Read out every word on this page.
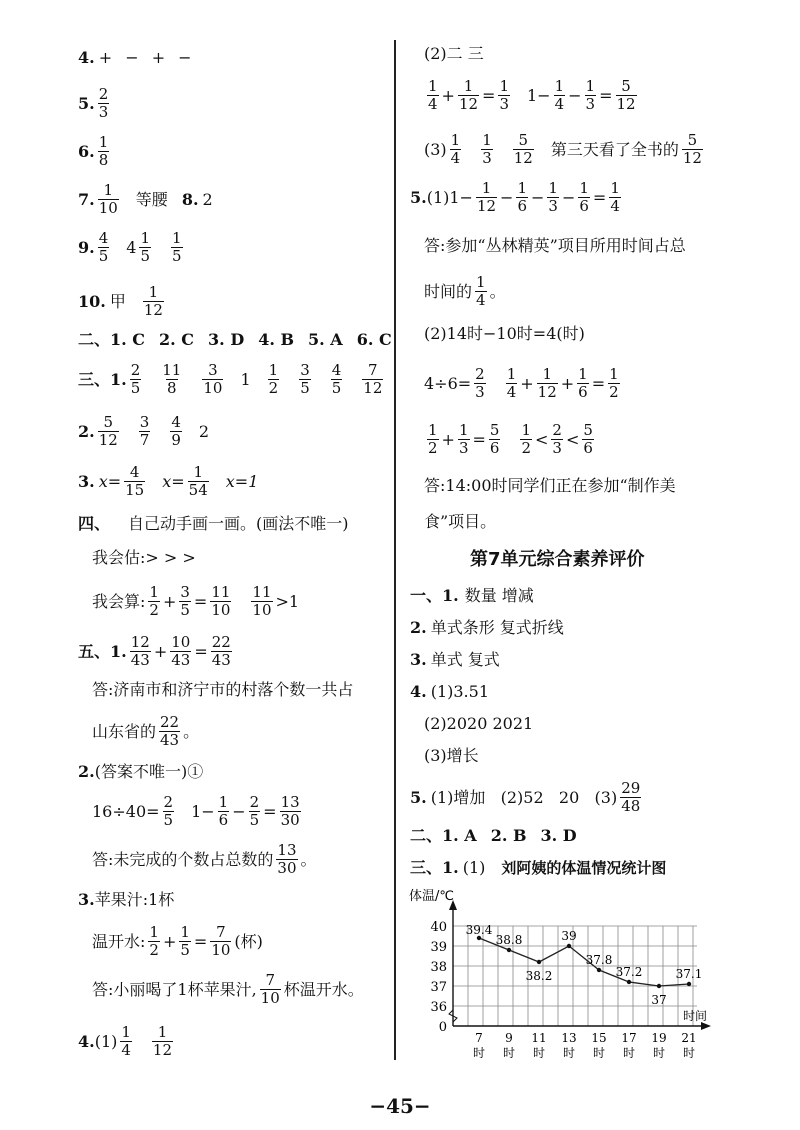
4. + − + −
5. $\frac{2}{3}$
6. $\frac{1}{8}$
7. $\frac{1}{10}$ 等腰 8. 2
9. $\frac{4}{5} 4 \frac{1}{5} \frac{1}{5}$
10. 甲 $\frac{1}{12}$
二、 1. C 2. C 3. D 4. B 5. A 6. C
三、1. $\frac{2}{5} \frac{11}{8} \frac{3}{10} 1 \frac{1}{2} \frac{3}{5} \frac{4}{5} \frac{7}{12}$
2. $\frac{5}{12} \frac{3}{7} \frac{4}{9} 2$
3. $x= \frac{4}{15} x= \frac{1}{54} x=1$
四、 自己动手画一画。(画法不唯一)
我会估:> > >
我会算: $\frac{1}{2} + \frac{3}{5} = \frac{11}{10} \frac{11}{10} >1$
五、1. $\frac{12}{43} + \frac{10}{43} = \frac{22}{43}$
答:济南市和济宁市的村落个数一共占
山东省的 $\frac{22}{43}$ 。
2. (答案不唯一)①
$16\div 40= \frac{2}{5} 1- \frac{1}{6} - \frac{2}{5} = \frac{13}{30}$
答:未完成的个数占总数的 $\frac{13}{30}$ 。
3. 苹果汁:1杯
温开水: $\frac{1}{2} + \frac{1}{5} = \frac{7}{10}$ (杯)
答:小丽喝了1杯苹果汁, $\frac{7}{10}$ 杯温开水。
4. $(1) \frac{1}{4} \frac{1}{12}$
(2)二 三
$\frac{1}{4} + \frac{1}{12} = \frac{1}{3} 1- \frac{1}{4} - \frac{1}{3} = \frac{5}{12}$
$(3) \frac{1}{4} \frac{1}{3} \frac{5}{12}$ 第三天看了全书的 $\frac{5}{12}$
5. $(1)1- \frac{1}{12} - \frac{1}{6} - \frac{1}{3} - \frac{1}{6} = \frac{1}{4}$
答:参加“丛林精英”项目所用时间占总
时间的 $\frac{1}{4}$ 。
(2)14时−10时=4(时)
$4\div 6= \frac{2}{3} \frac{1}{4} + \frac{1}{12} + \frac{1}{6} = \frac{1}{2}$
$\frac{1}{2} + \frac{1}{3} = \frac{5}{6} \frac{1}{2} < \frac{2}{3} < \frac{5}{6}$
答:14:00时同学们正在参加“制作美
食”项目。
第7单元综合素养评价
一、1. 数量 增减
2. 单式条形 复式折线
3. 单式 复式
4. (1)3.51
(2)2020 2021
(3)增长
5. (1)增加   (2)52   20   $(3) \frac{29}{48}$
二、 1. A 2. B 3. D
三、1. (1) 刘阿姨的体温情况统计图
体温/℃
时间
0
36
37
38
39
40
7
时
9
时
11
时
13
时
15
时
17
时
19
时
21
时
39.4
38.8
38.2
39
37.8
37.2
37
37.1
−45−
